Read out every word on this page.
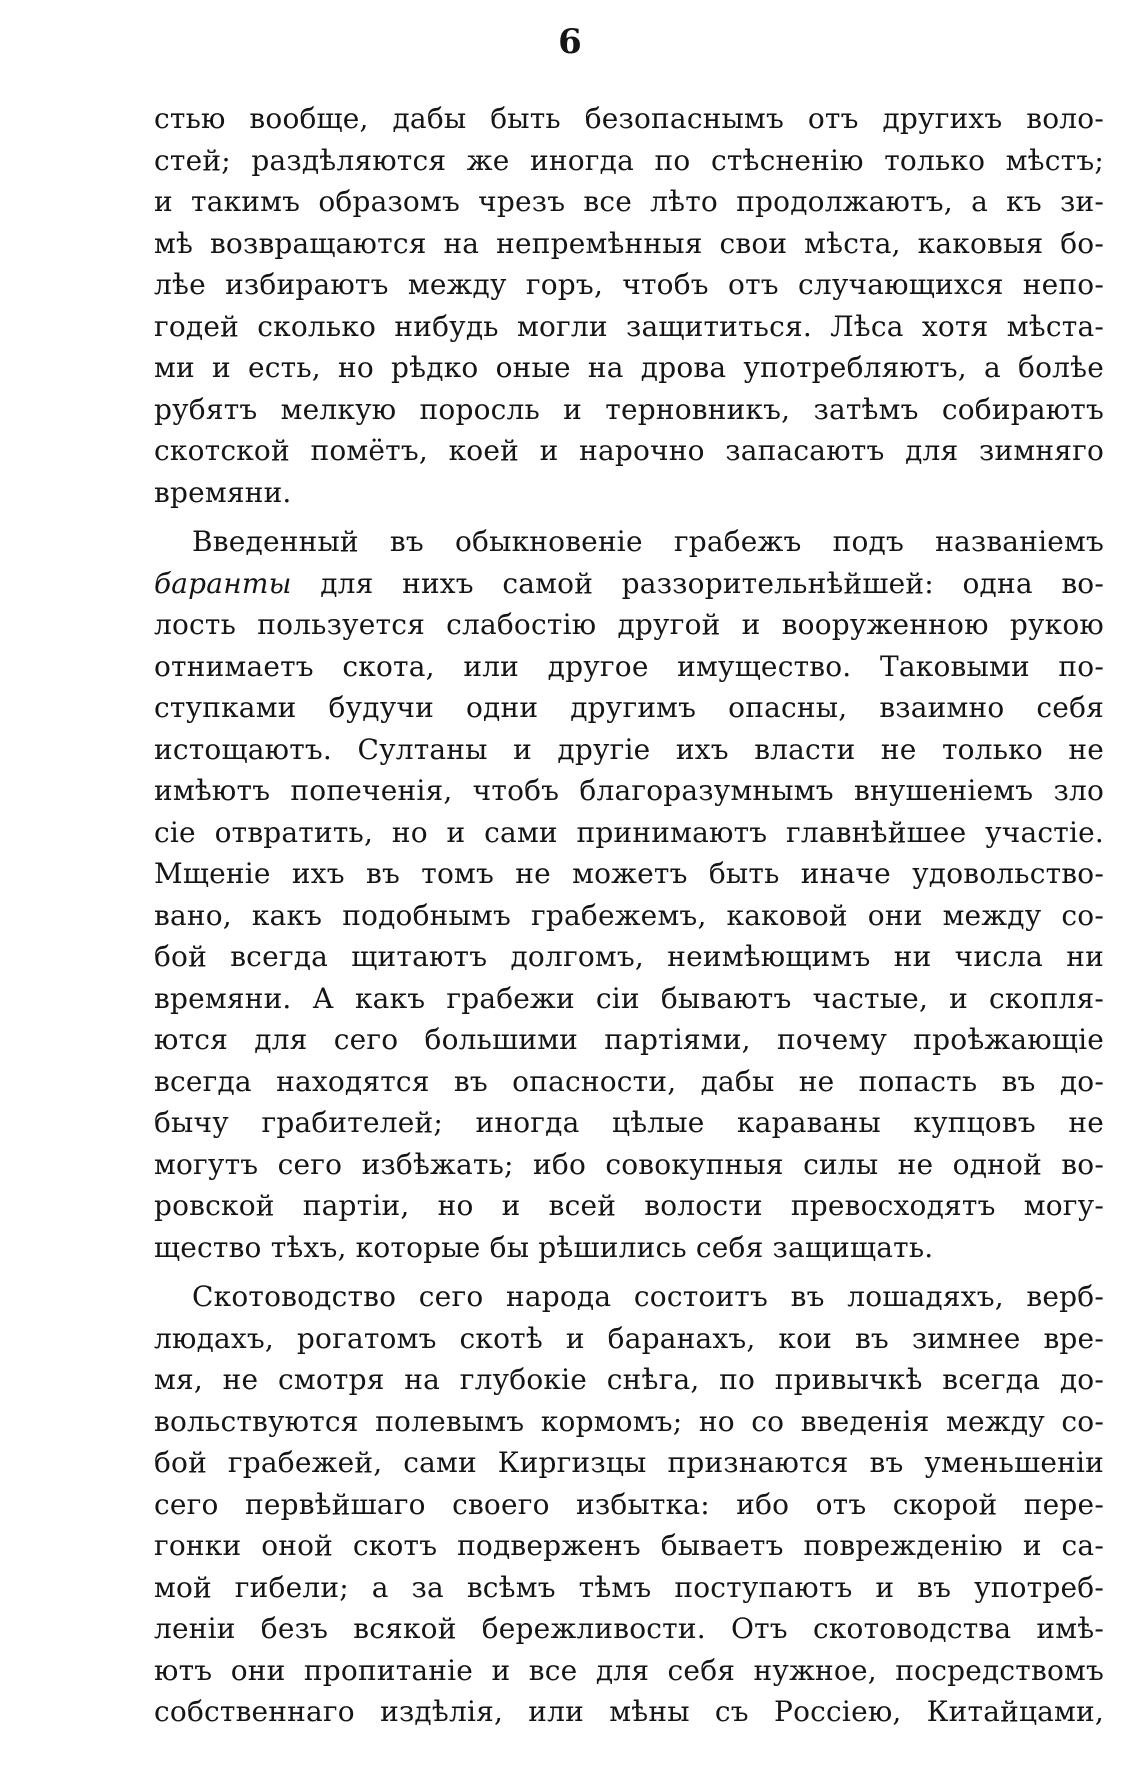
6
стью вообще, дабы быть безопаснымъ отъ другихъ воло-
стей; раздѣляются же иногда по стѣсненію только мѣстъ;
и такимъ образомъ чрезъ все лѣто продолжаютъ, а къ зи-
мѣ возвращаются на непремѣнныя свои мѣста, каковыя бо-
лѣе избираютъ между горъ, чтобъ отъ случающихся непо-
годей сколько нибудь могли защититься. Лѣса хотя мѣста-
ми и есть, но рѣдко оные на дрова употребляютъ, а болѣе
рубятъ мелкую поросль и терновникъ, затѣмъ собираютъ
скотской помётъ, коей и нарочно запасаютъ для зимняго
времяни.
Введенный въ обыкновеніе грабежъ подъ названіемъ
баранты для нихъ самой раззорительнѣйшей: одна во-
лость пользуется слабостію другой и вооруженною рукою
отнимаетъ скота, или другое имущество. Таковыми по-
ступками будучи одни другимъ опасны, взаимно себя
истощаютъ. Султаны и другіе ихъ власти не только не
имѣютъ попеченія, чтобъ благоразумнымъ внушеніемъ зло
сіе отвратить, но и сами принимаютъ главнѣйшее участіе.
Мщеніе ихъ въ томъ не можетъ быть иначе удовольство-
вано, какъ подобнымъ грабежемъ, каковой они между со-
бой всегда щитаютъ долгомъ, неимѣющимъ ни числа ни
времяни. А какъ грабежи сіи бываютъ частые, и скопля-
ются для сего большими партіями, почему проѣжающіе
всегда находятся въ опасности, дабы не попасть въ до-
бычу грабителей; иногда цѣлые караваны купцовъ не
могутъ сего избѣжать; ибо совокупныя силы не одной во-
ровской партіи, но и всей волости превосходятъ могу-
щество тѣхъ, которые бы рѣшились себя защищать.
Скотоводство сего народа состоитъ въ лошадяхъ, верб-
людахъ, рогатомъ скотѣ и баранахъ, кои въ зимнее вре-
мя, не смотря на глубокіе снѣга, по привычкѣ всегда до-
вольствуются полевымъ кормомъ; но со введенія между со-
бой грабежей, сами Киргизцы признаются въ уменьшеніи
сего первѣйшаго своего избытка: ибо отъ скорой пере-
гонки оной скотъ подверженъ бываетъ поврежденію и са-
мой гибели; а за всѣмъ тѣмъ поступаютъ и въ употреб-
леніи безъ всякой бережливости. Отъ скотоводства имѣ-
ютъ они пропитаніе и все для себя нужное, посредствомъ
собственнаго издѣлія, или мѣны съ Россіею, Китайцами,
